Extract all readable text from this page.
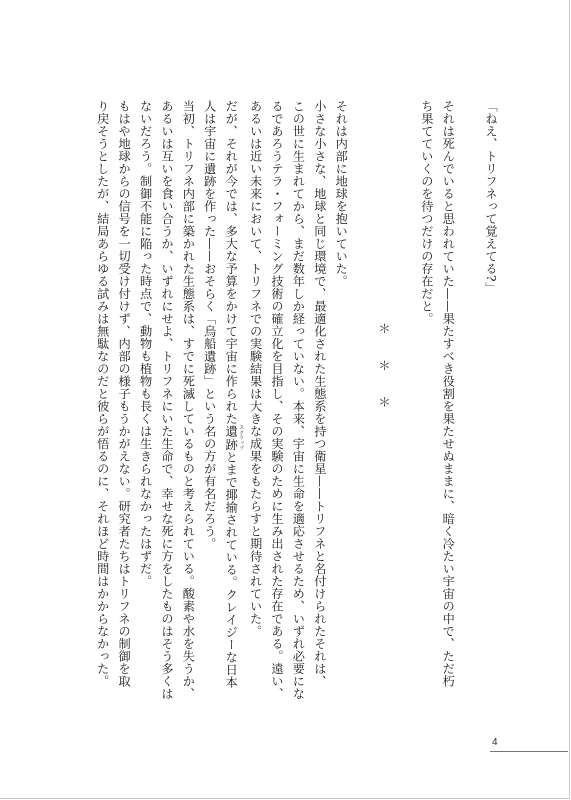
「ねえ、トリフネって覚えてる?」

それは死んでいると思われていた——果たすべき役割を果たせぬままに、暗く冷たい宇宙の中で、ただ朽

ち果てていくのを待つだけの存在だと。

＊　　＊　　＊

それは内部に地球を抱いていた。

小さな小さな、地球と同じ環境で、最適化された生態系を持つ衛星——トリフネと名付けられたそれは、

この世に生まれてから、まだ数年しか経っていない。本来、宇宙に生命を適応させるため、いずれ必要にな

るであろうテラ・フォーミング技術の確立化を目指し、その実験のために生み出された存在である。遠い、

あるいは近い未来において、トリフネでの実験結果は大きな成果をもたらすと期待されていた。

だが、それが今では、多大な予算をかけて宇宙に作られた遺跡 スクラップとまで揶揄されている。クレイジーな日本

人は宇宙に遺跡を作った——おそらく「烏船遺跡」という名の方が有名だろう。

当初、トリフネ内部に築かれた生態系は、すでに死滅しているものと考えられている。酸素や水を失うか、

あるいは互いを食い合うか、いずれにせよ、トリフネにいた生命で、幸せな死に方をしたものはそう多くは

ないだろう。制御不能に陥った時点で、動物も植物も長くは生きられなかったはずだ。

もはや地球からの信号を一切受け付けず、内部の様子もうかがえない。研究者たちはトリフネの制御を取

り戻そうとしたが、結局あらゆる試みは無駄なのだと彼らが悟るのに、それほど時間はかからなかった。

4
